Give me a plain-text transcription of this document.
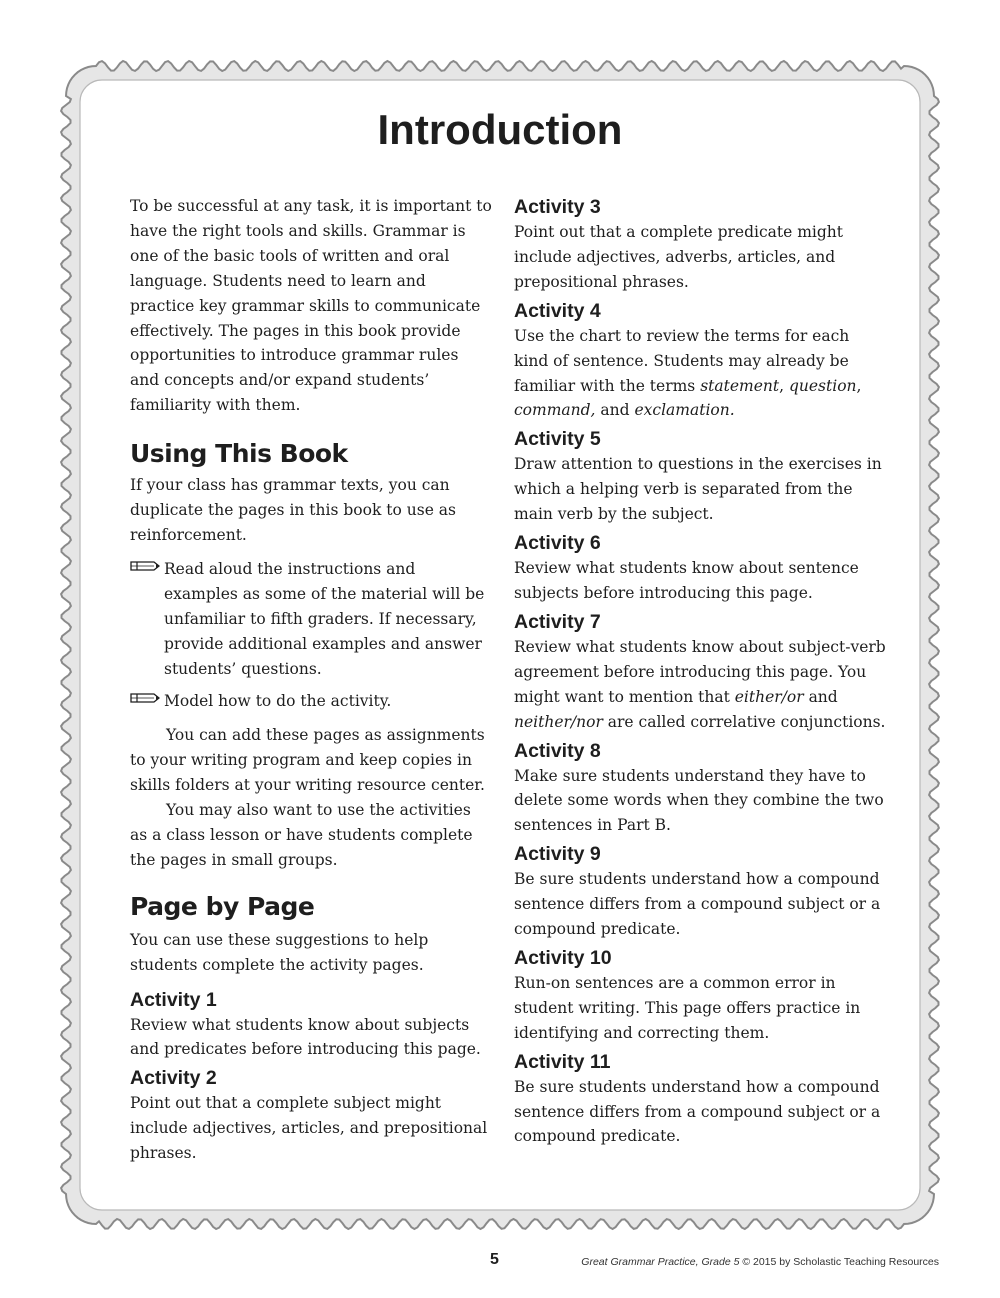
Introduction

To be successful at any task, it is important to have the right tools and skills. Grammar is one of the basic tools of written and oral language. Students need to learn and practice key grammar skills to communicate effectively. The pages in this book provide opportunities to introduce grammar rules and concepts and/or expand students’ familiarity with them.

Using This Book

If your class has grammar texts, you can duplicate the pages in this book to use as reinforcement.

Read aloud the instructions and examples as some of the material will be unfamiliar to fifth graders. If necessary, provide additional examples and answer students’ questions.
Model how to do the activity.

You can add these pages as assignments to your writing program and keep copies in skills folders at your writing resource center.

You may also want to use the activities as a class lesson or have students complete the pages in small groups.

Page by Page

You can use these suggestions to help students complete the activity pages.

Activity 1

Review what students know about subjects and predicates before introducing this page.

Activity 2

Point out that a complete subject might include adjectives, articles, and prepositional phrases.

Activity 3

Point out that a complete predicate might include adjectives, adverbs, articles, and prepositional phrases.

Activity 4

Use the chart to review the terms for each kind of sentence. Students may already be familiar with the terms statement, question, command, and exclamation.

Activity 5

Draw attention to questions in the exercises in which a helping verb is separated from the main verb by the subject.

Activity 6

Review what students know about sentence subjects before introducing this page.

Activity 7

Review what students know about subject-verb agreement before introducing this page. You might want to mention that either/or and neither/nor are called correlative conjunctions.

Activity 8

Make sure students understand they have to delete some words when they combine the two sentences in Part B.

Activity 9

Be sure students understand how a compound sentence differs from a compound subject or a compound predicate.

Activity 10

Run-on sentences are a common error in student writing. This page offers practice in identifying and correcting them.

Activity 11

Be sure students understand how a compound sentence differs from a compound subject or a compound predicate.

5	Great Grammar Practice, Grade 5 © 2015 by Scholastic Teaching Resources
